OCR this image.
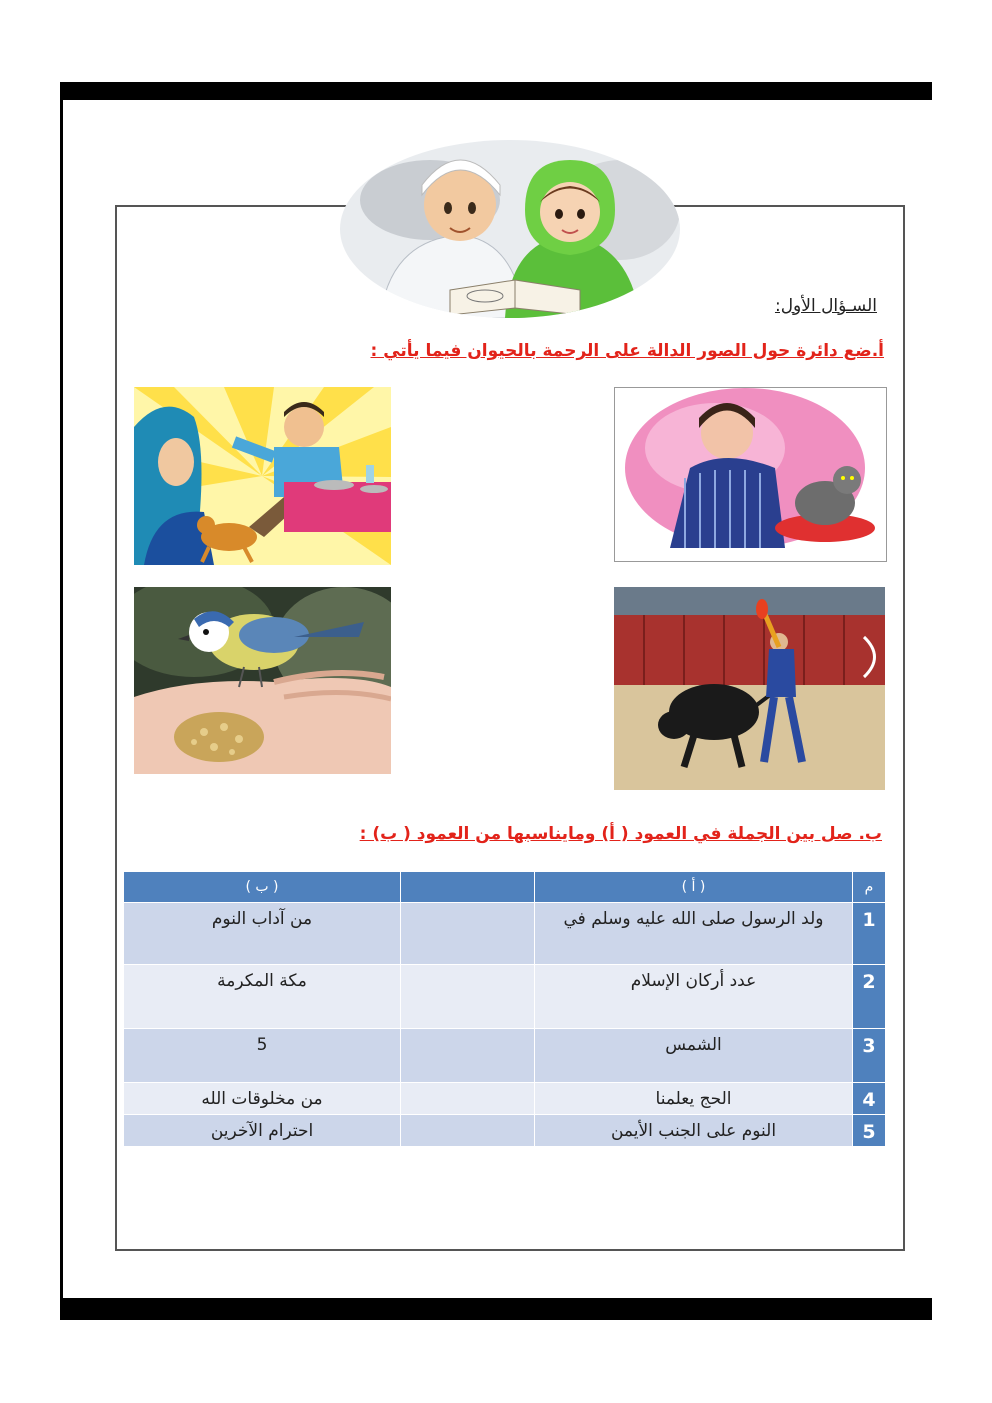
السـؤال الأول:
أ.ضع دائرة حول الصور الدالة على الرحمة بالحيوان فيما يأتي :
ب. صل بين الجملة في العمود ( أ) ومايناسبها من العمود ( ب) :
م	( أ )		( ب )
1	ولد الرسول صلى الله عليه وسلم في		من آداب النوم
2	عدد أركان الإسلام		مكة المكرمة
3	الشمس		5
4	الحج يعلمنا		من مخلوقات الله
5	النوم على الجنب الأيمن		احترام الآخرين
